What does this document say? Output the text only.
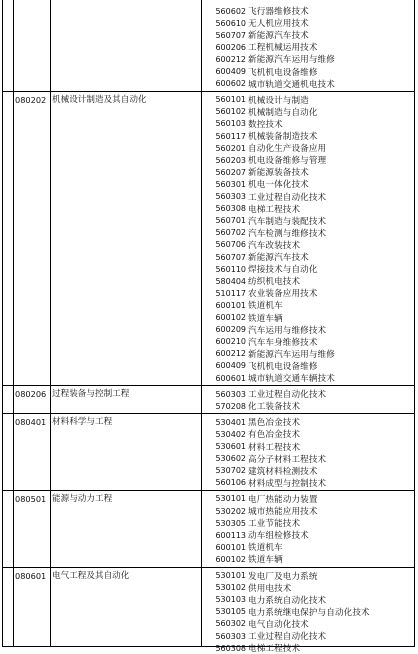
560602 飞行器维修技术
560610 无人机应用技术
560707 新能源汽车技术
600206 工程机械运用技术
600212 新能源汽车运用与维修
600409 飞机机电设备维修
600602 城市轨道交通机电技术
080202 机械设计制造及其自动化	560101 机械设计与制造
560102 机械制造与自动化
560103 数控技术
560117 机械装备制造技术
560201 自动化生产设备应用
560203 机电设备维修与管理
560207 新能源装备技术
560301 机电一体化技术
560303 工业过程自动化技术
560308 电梯工程技术
560701 汽车制造与装配技术
560702 汽车检测与维修技术
560706 汽车改装技术
560707 新能源汽车技术
560110 焊接技术与自动化
580404 纺织机电技术
510117 农业装备应用技术
600101 铁道机车
600102 铁道车辆
600209 汽车运用与维修技术
600210 汽车车身维修技术
600212 新能源汽车运用与维修
600409 飞机机电设备维修
600601 城市轨道交通车辆技术
080206 过程装备与控制工程	560303 工业过程自动化技术
570208 化工装备技术
080401 材料科学与工程	530401 黑色冶金技术
530402 有色冶金技术
530601 材料工程技术
530602 高分子材料工程技术
530702 建筑材料检测技术
560106 材料成型与控制技术
080501 能源与动力工程	530101 电厂热能动力装置
530202 城市热能应用技术
530305 工业节能技术
600113 动车组检修技术
600101 铁道机车
600102 铁道车辆
080601 电气工程及其自动化	530101 发电厂及电力系统
530102 供用电技术
530103 电力系统自动化技术
530105 电力系统继电保护与自动化技术
560302 电气自动化技术
560303 工业过程自动化技术
560308 电梯工程技术
